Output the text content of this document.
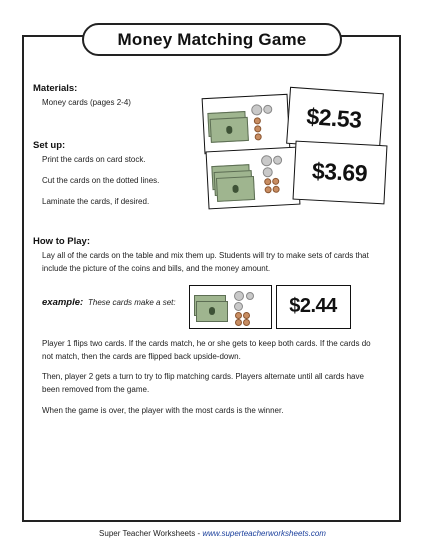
Money Matching Game
Materials:
Money cards (pages 2-4)
Set up:
Print the cards on card stock.
Cut the cards on the dotted lines.
Laminate the cards, if desired.
$2.53
$3.69
How to Play:
Lay all of the cards on the table and mix them up. Students will try to make sets of cards that include the picture of the coins and bills, and the money amount.
example: These cards make a set:	$2.44
Player 1 flips two cards. If the cards match, he or she gets to keep both cards. If the cards do not match, then the cards are flipped back upside-down.
Then, player 2 gets a turn to try to flip matching cards. Players alternate until all cards have been removed from the game.
When the game is over, the player with the most cards is the winner.
Super Teacher Worksheets - www.superteacherworksheets.com
